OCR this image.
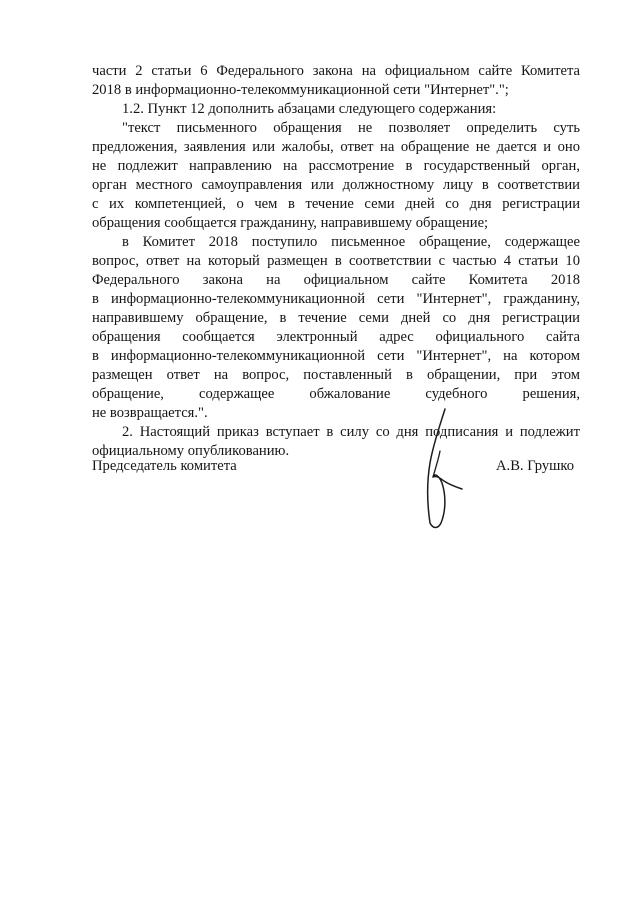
части 2 статьи 6 Федерального закона на официальном сайте Комитета
2018 в информационно-телекоммуникационной сети "Интернет".";
1.2. Пункт 12 дополнить абзацами следующего содержания:
"текст письменного обращения не позволяет определить суть
предложения, заявления или жалобы, ответ на обращение не дается и оно
не подлежит направлению на рассмотрение в государственный орган,
орган местного самоуправления или должностному лицу в соответствии
с их компетенцией, о чем в течение семи дней со дня регистрации
обращения сообщается гражданину, направившему обращение;
в Комитет 2018 поступило письменное обращение, содержащее
вопрос, ответ на который размещен в соответствии с частью 4 статьи 10
Федерального закона на официальном сайте Комитета 2018
в информационно-телекоммуникационной сети "Интернет", гражданину,
направившему обращение, в течение семи дней со дня регистрации
обращения сообщается электронный адрес официального сайта
в информационно-телекоммуникационной сети "Интернет", на котором
размещен ответ на вопрос, поставленный в обращении, при этом
обращение, содержащее обжалование судебного решения,
не возвращается.".
2. Настоящий приказ вступает в силу со дня подписания и подлежит
официальному опубликованию.
Председатель комитета	А.В. Грушко
